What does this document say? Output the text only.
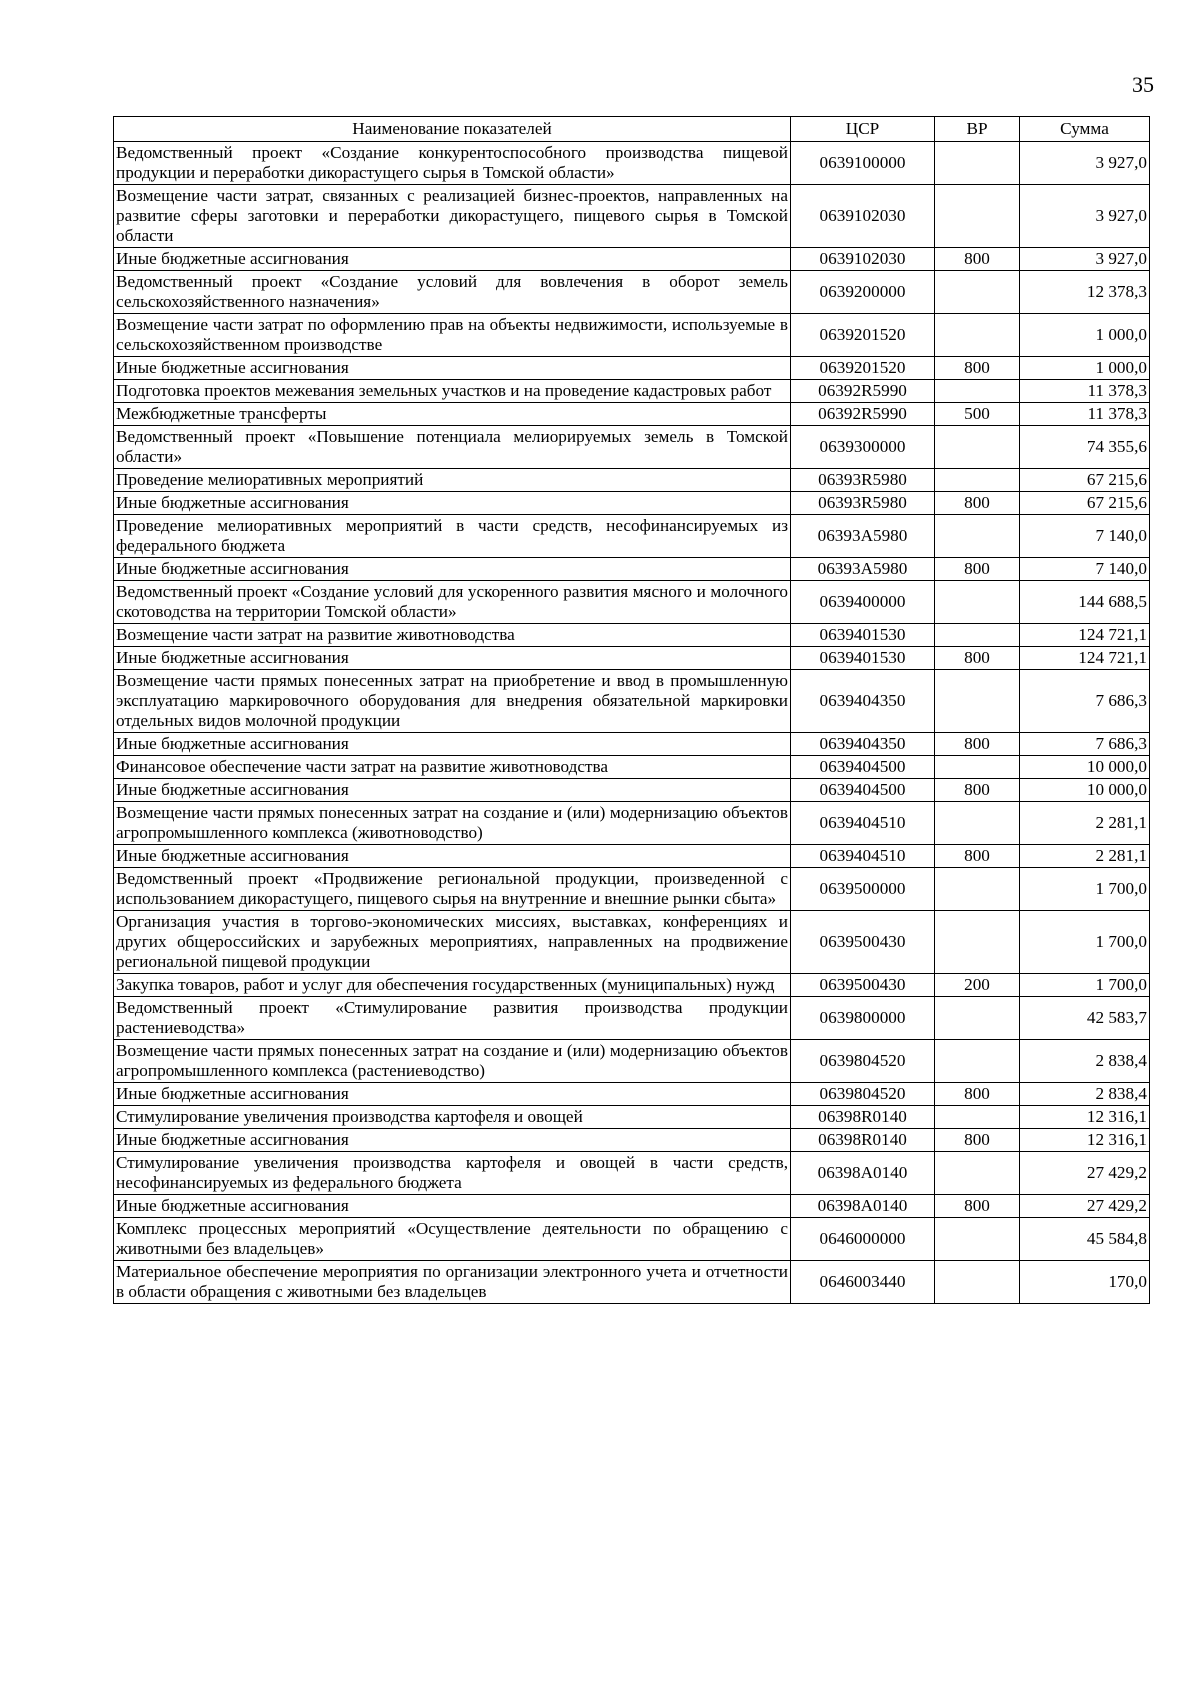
35
Наименование показателей	ЦСР	ВР	Сумма
Ведомственный проект «Создание конкурентоспособного производства пищевой продукции и переработки дикорастущего сырья в Томской области»	0639100000		3 927,0
Возмещение части затрат, связанных с реализацией бизнес-проектов, направленных на развитие сферы заготовки и переработки дикорастущего, пищевого сырья в Томской области	0639102030		3 927,0
Иные бюджетные ассигнования	0639102030	800	3 927,0
Ведомственный проект «Создание условий для вовлечения в оборот земель сельскохозяйственного назначения»	0639200000		12 378,3
Возмещение части затрат по оформлению прав на объекты недвижимости, используемые в сельскохозяйственном производстве	0639201520		1 000,0
Иные бюджетные ассигнования	0639201520	800	1 000,0
Подготовка проектов межевания земельных участков и на проведение кадастровых работ	06392R5990		11 378,3
Межбюджетные трансферты	06392R5990	500	11 378,3
Ведомственный проект «Повышение потенциала мелиорируемых земель в Томской области»	0639300000		74 355,6
Проведение мелиоративных мероприятий	06393R5980		67 215,6
Иные бюджетные ассигнования	06393R5980	800	67 215,6
Проведение мелиоративных мероприятий в части средств, несофинансируемых из федерального бюджета	06393A5980		7 140,0
Иные бюджетные ассигнования	06393A5980	800	7 140,0
Ведомственный проект «Создание условий для ускоренного развития мясного и молочного скотоводства на территории Томской области»	0639400000		144 688,5
Возмещение части затрат на развитие животноводства	0639401530		124 721,1
Иные бюджетные ассигнования	0639401530	800	124 721,1
Возмещение части прямых понесенных затрат на приобретение и ввод в промышленную эксплуатацию маркировочного оборудования для внедрения обязательной маркировки отдельных видов молочной продукции	0639404350		7 686,3
Иные бюджетные ассигнования	0639404350	800	7 686,3
Финансовое обеспечение части затрат на развитие животноводства	0639404500		10 000,0
Иные бюджетные ассигнования	0639404500	800	10 000,0
Возмещение части прямых понесенных затрат на создание и (или) модернизацию объектов агропромышленного комплекса (животноводство)	0639404510		2 281,1
Иные бюджетные ассигнования	0639404510	800	2 281,1
Ведомственный проект «Продвижение региональной продукции, произведенной с использованием дикорастущего, пищевого сырья на внутренние и внешние рынки сбыта»	0639500000		1 700,0
Организация участия в торгово-экономических миссиях, выставках, конференциях и других общероссийских и зарубежных мероприятиях, направленных на продвижение региональной пищевой продукции	0639500430		1 700,0
Закупка товаров, работ и услуг для обеспечения государственных (муниципальных) нужд	0639500430	200	1 700,0
Ведомственный проект «Стимулирование развития производства продукции растениеводства»	0639800000		42 583,7
Возмещение части прямых понесенных затрат на создание и (или) модернизацию объектов агропромышленного комплекса (растениеводство)	0639804520		2 838,4
Иные бюджетные ассигнования	0639804520	800	2 838,4
Стимулирование увеличения производства картофеля и овощей	06398R0140		12 316,1
Иные бюджетные ассигнования	06398R0140	800	12 316,1
Стимулирование увеличения производства картофеля и овощей в части средств, несофинансируемых из федерального бюджета	06398A0140		27 429,2
Иные бюджетные ассигнования	06398A0140	800	27 429,2
Комплекс процессных мероприятий «Осуществление деятельности по обращению с животными без владельцев»	0646000000		45 584,8
Материальное обеспечение мероприятия по организации электронного учета и отчетности в области обращения с животными без владельцев	0646003440		170,0
